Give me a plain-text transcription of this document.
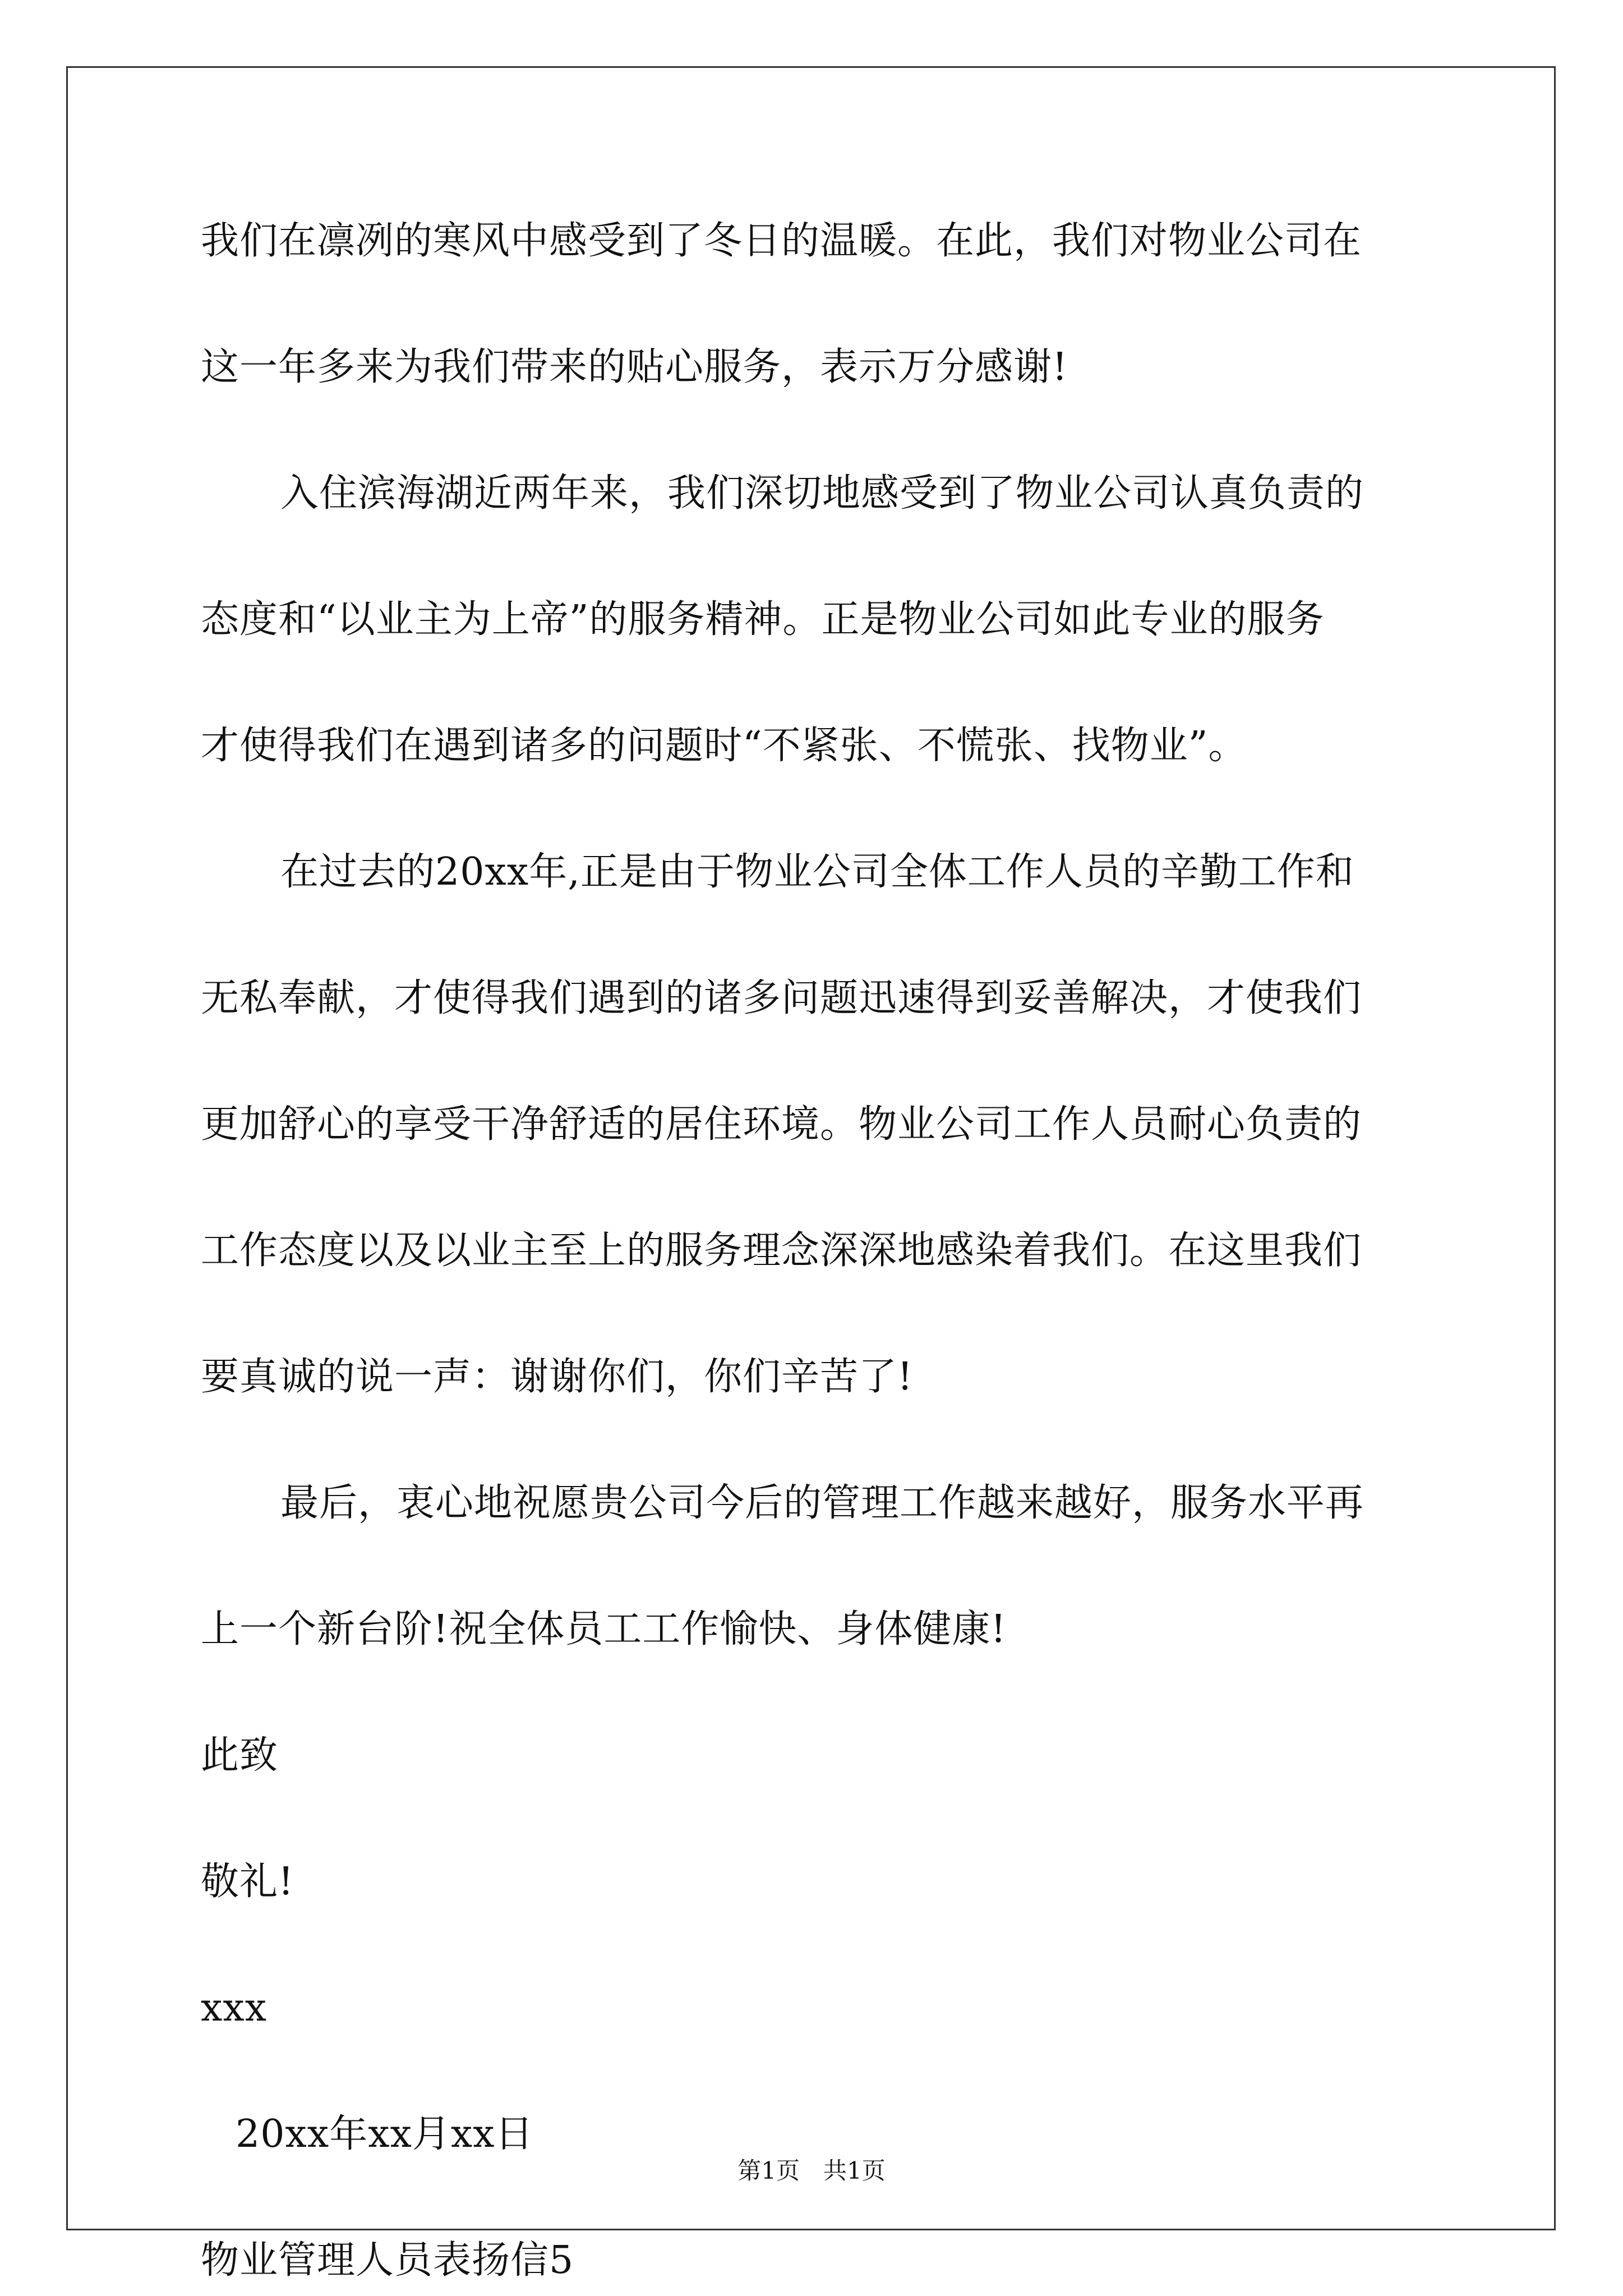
我们在凛冽的寒风中感受到了冬日的温暖。在此，我们对物业公司在
这一年多来为我们带来的贴心服务，表示万分感谢!
入住滨海湖近两年来，我们深切地感受到了物业公司认真负责的
态度和“以业主为上帝”的服务精神。正是物业公司如此专业的服务
才使得我们在遇到诸多的问题时“不紧张、不慌张、找物业”。
在过去的20xx年,正是由于物业公司全体工作人员的辛勤工作和
无私奉献，才使得我们遇到的诸多问题迅速得到妥善解决，才使我们
更加舒心的享受干净舒适的居住环境。物业公司工作人员耐心负责的
工作态度以及以业主至上的服务理念深深地感染着我们。在这里我们
要真诚的说一声：谢谢你们，你们辛苦了!
最后，衷心地祝愿贵公司今后的管理工作越来越好，服务水平再
上一个新台阶!祝全体员工工作愉快、身体健康!
此致
敬礼!
xxx
20xx年xx月xx日
物业管理人员表扬信5
第1页　共1页
